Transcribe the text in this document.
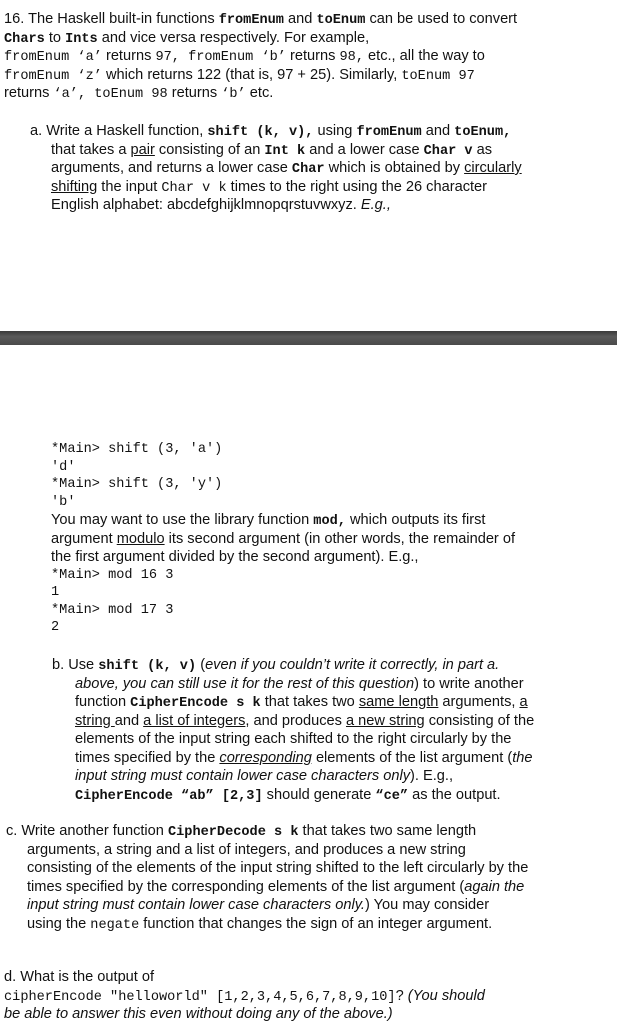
16. The Haskell built-in functions fromEnum and toEnum can be used to convert
Chars to Ints and vice versa respectively. For example,
fromEnum ‘a’ returns 97, fromEnum ‘b’ returns 98, etc., all the way to
fromEnum ‘z’ which returns 122 (that is, 97 + 25). Similarly, toEnum 97
returns ‘a’, toEnum 98 returns ‘b’ etc.
a. Write a Haskell function, shift (k, v), using fromEnum and toEnum,
that takes a pair consisting of an Int k and a lower case Char v as
arguments, and returns a lower case Char which is obtained by circularly
shifting the input Char v k times to the right using the 26 character
English alphabet: abcdefghijklmnopqrstuvwxyz. E.g.,
*Main> shift (3, 'a')
'd'
*Main> shift (3, 'y')
'b'
You may want to use the library function mod, which outputs its first
argument modulo its second argument (in other words, the remainder of
the first argument divided by the second argument). E.g.,
*Main> mod 16 3
1
*Main> mod 17 3
2
b. Use shift (k, v) (even if you couldn’t write it correctly, in part a.
above, you can still use it for the rest of this question) to write another
function CipherEncode s k that takes two same length arguments, a
string and a list of integers, and produces a new string consisting of the
elements of the input string each shifted to the right circularly by the
times specified by the corresponding elements of the list argument (the
input string must contain lower case characters only). E.g.,
CipherEncode “ab” [2,3] should generate “ce” as the output.
c. Write another function CipherDecode s k that takes two same length
arguments, a string and a list of integers, and produces a new string
consisting of the elements of the input string shifted to the left circularly by the
times specified by the corresponding elements of the list argument (again the
input string must contain lower case characters only.) You may consider
using the negate function that changes the sign of an integer argument.
d. What is the output of
cipherEncode "helloworld" [1,2,3,4,5,6,7,8,9,10]? (You should
be able to answer this even without doing any of the above.)
